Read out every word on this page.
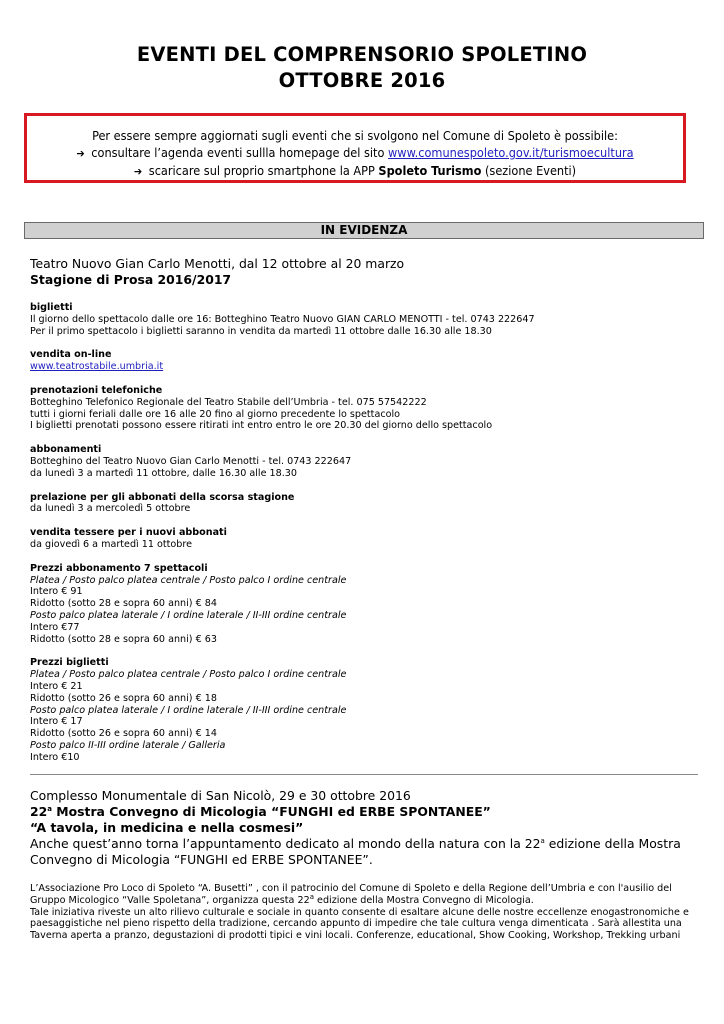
EVENTI DEL COMPRENSORIO SPOLETINO
OTTOBRE 2016
Per essere sempre aggiornati sugli eventi che si svolgono nel Comune di Spoleto è possibile:
➔ consultare l’agenda eventi sullla homepage del sito www.comunespoleto.gov.it/turismoecultura
➔ scaricare sul proprio smartphone la APP Spoleto Turismo (sezione Eventi)
IN EVIDENZA
Teatro Nuovo Gian Carlo Menotti, dal 12 ottobre al 20 marzo
Stagione di Prosa 2016/2017
biglietti
Il giorno dello spettacolo dalle ore 16: Botteghino Teatro Nuovo GIAN CARLO MENOTTI - tel. 0743 222647
Per il primo spettacolo i biglietti saranno in vendita da martedì 11 ottobre dalle 16.30 alle 18.30
vendita on-line
www.teatrostabile.umbria.it
prenotazioni telefoniche
Botteghino Telefonico Regionale del Teatro Stabile dell’Umbria - tel. 075 57542222
tutti i giorni feriali dalle ore 16 alle 20 fino al giorno precedente lo spettacolo
I biglietti prenotati possono essere ritirati int entro entro le ore 20.30 del giorno dello spettacolo
abbonamenti
Botteghino del Teatro Nuovo Gian Carlo Menotti - tel. 0743 222647
da lunedì 3 a martedì 11 ottobre, dalle 16.30 alle 18.30
prelazione per gli abbonati della scorsa stagione
da lunedì 3 a mercoledì 5 ottobre
vendita tessere per i nuovi abbonati
da giovedì 6 a martedì 11 ottobre
Prezzi abbonamento 7 spettacoli
Platea / Posto palco platea centrale / Posto palco I ordine centrale
Intero € 91
Ridotto (sotto 28 e sopra 60 anni) € 84
Posto palco platea laterale / I ordine laterale / II-III ordine centrale
Intero €77
Ridotto (sotto 28 e sopra 60 anni) € 63
Prezzi biglietti
Platea / Posto palco platea centrale / Posto palco I ordine centrale
Intero € 21
Ridotto (sotto 26 e sopra 60 anni) € 18
Posto palco platea laterale / I ordine laterale / II-III ordine centrale
Intero € 17
Ridotto (sotto 26 e sopra 60 anni) € 14
Posto palco II-III ordine laterale / Galleria
Intero €10
Complesso Monumentale di San Nicolò, 29 e 30 ottobre 2016
22$^a$ Mostra Convegno di Micologia “FUNGHI ed ERBE SPONTANEE”
“A tavola, in medicina e nella cosmesi”
Anche quest’anno torna l’appuntamento dedicato al mondo della natura con la 22$^a$ edizione della Mostra
Convegno di Micologia “FUNGHI ed ERBE SPONTANEE”.
L’Associazione Pro Loco di Spoleto “A. Busetti” , con il patrocinio del Comune di Spoleto e della Regione dell’Umbria e con l'ausilio del
Gruppo Micologico “Valle Spoletana”, organizza questa 22$^a$ edizione della Mostra Convegno di Micologia.
Tale iniziativa riveste un alto rilievo culturale e sociale in quanto consente di esaltare alcune delle nostre eccellenze enogastronomiche e
paesaggistiche nel pieno rispetto della tradizione, cercando appunto di impedire che tale cultura venga dimenticata . Sarà allestita una
Taverna aperta a pranzo, degustazioni di prodotti tipici e vini locali. Conferenze, educational, Show Cooking, Workshop, Trekking urbani
